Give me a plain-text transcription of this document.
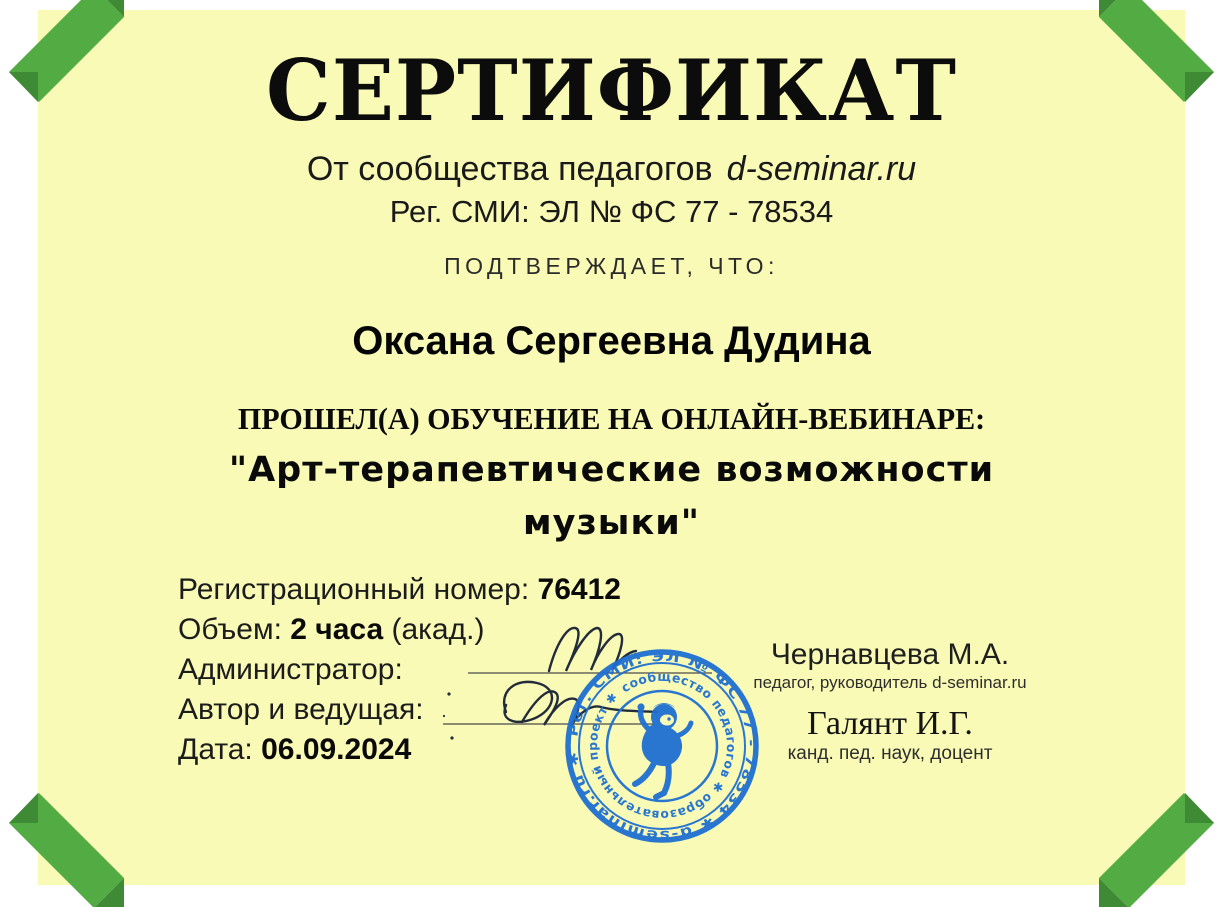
СЕРТИФИКАТ
От сообщества педагогов d-seminar.ru
Рег. СМИ: ЭЛ № ФС 77 - 78534
ПОДТВЕРЖДАЕТ, ЧТО:
Оксана Сергеевна Дудина
ПРОШЕЛ(А) ОБУЧЕНИЕ НА ОНЛАЙН-ВЕБИНАРЕ:
"Арт-терапевтические возможности музыки"
Регистрационный номер: 76412
Объем: 2 часа (акад.)
Администратор:
Автор и ведущая:
Дата: 06.09.2024
Чернавцева М.А.
педагог, руководитель d-seminar.ru
Галянт И.Г.
канд. пед. наук, доцент
Рег. СМИ: ЭЛ № ФС 77 - 78534 ✱ d-seminar.ru ✱
сообщество педагогов ✱ образовательный проект ✱
